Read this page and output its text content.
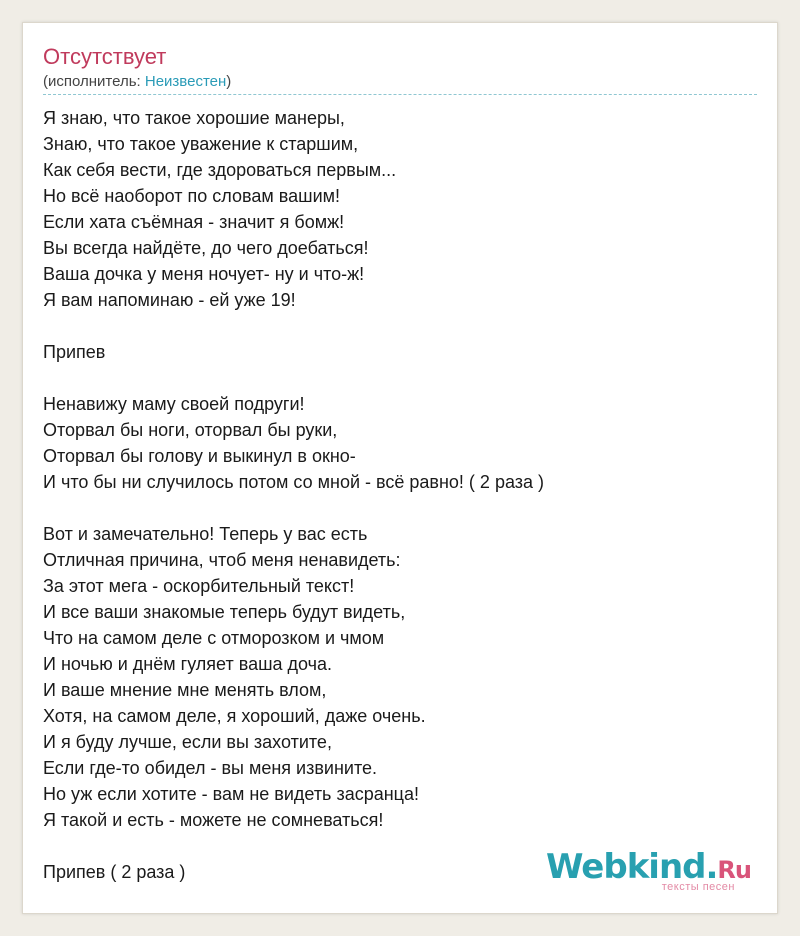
Отсутствует
(исполнитель: Неизвестен)
Я знаю, что такое хорошие манеры,
Знаю, что такое уважение к старшим,
Как себя вести, где здороваться первым...
Но всё наоборот по словам вашим!
Если хата съёмная - значит я бомж!
Вы всегда найдёте, до чего доебаться!
Ваша дочка у меня ночует- ну и что-ж!
Я вам напоминаю - ей уже 19!
Припев
Ненавижу маму своей подруги!
Оторвал бы ноги, оторвал бы руки,
Оторвал бы голову и выкинул в окно-
И что бы ни случилось потом со мной - всё равно! ( 2 раза )
Вот и замечательно! Теперь у вас есть
Отличная причина, чтоб меня ненавидеть:
За этот мега - оскорбительный текст!
И все ваши знакомые теперь будут видеть,
Что на самом деле с отморозком и чмом
И ночью и днём гуляет ваша доча.
И ваше мнение мне менять влом,
Хотя, на самом деле, я хороший, даже очень.
И я буду лучше, если вы захотите,
Если где-то обидел - вы меня извините.
Но уж если хотите - вам не видеть засранца!
Я такой и есть - можете не сомневаться!
Припев ( 2 раза )	Webkind.Ru
тексты песен
